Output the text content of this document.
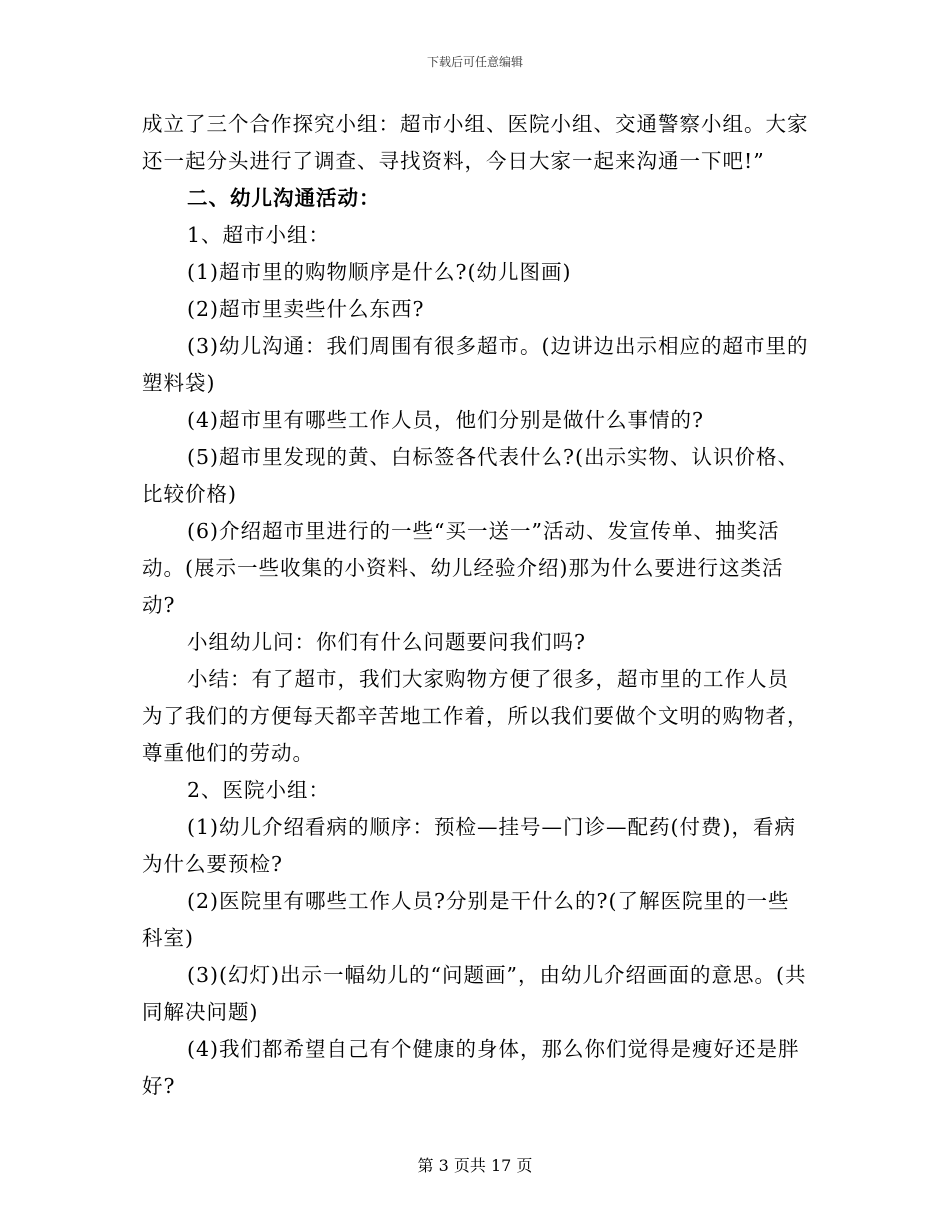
下载后可任意编辑

成立了三个合作探究小组：超市小组、医院小组、交通警察小组。大家还一起分头进行了调查、寻找资料，今日大家一起来沟通一下吧!”

二、幼儿沟通活动：

1、超市小组：

(1)超市里的购物顺序是什么?(幼儿图画)

(2)超市里卖些什么东西?

(3)幼儿沟通：我们周围有很多超市。(边讲边出示相应的超市里的塑料袋)

(4)超市里有哪些工作人员，他们分别是做什么事情的?

(5)超市里发现的黄、白标签各代表什么?(出示实物、认识价格、比较价格)

(6)介绍超市里进行的一些“买一送一”活动、发宣传单、抽奖活动。(展示一些收集的小资料、幼儿经验介绍)那为什么要进行这类活动?

小组幼儿问：你们有什么问题要问我们吗?

小结：有了超市，我们大家购物方便了很多，超市里的工作人员为了我们的方便每天都辛苦地工作着，所以我们要做个文明的购物者，尊重他们的劳动。

2、医院小组：

(1)幼儿介绍看病的顺序：预检—挂号—门诊—配药(付费)，看病为什么要预检?

(2)医院里有哪些工作人员?分别是干什么的?(了解医院里的一些科室)

(3)(幻灯)出示一幅幼儿的“问题画”，由幼儿介绍画面的意思。(共同解决问题)

(4)我们都希望自己有个健康的身体，那么你们觉得是瘦好还是胖好?

第 3 页共 17 页
